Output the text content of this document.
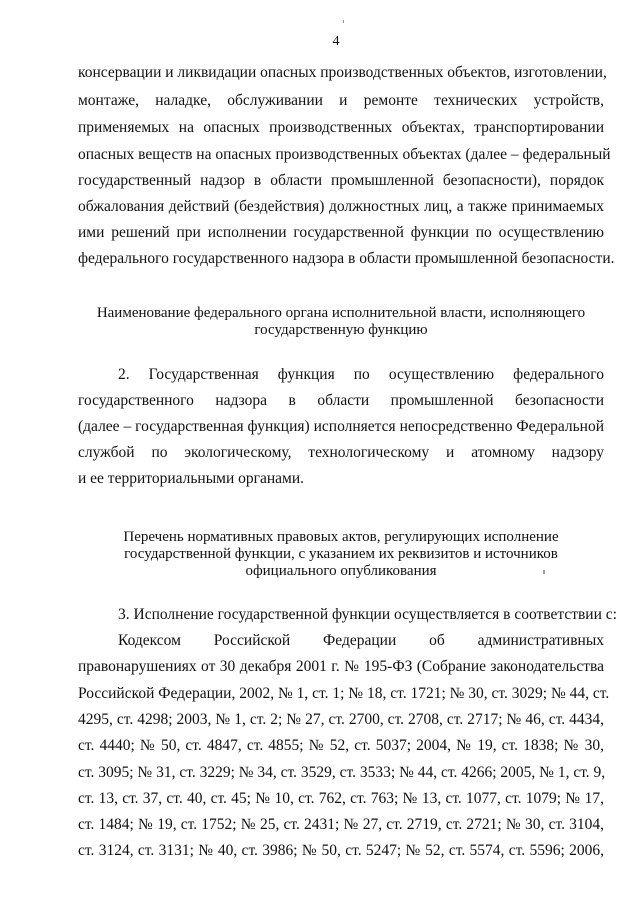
4
консервации и ликвидации опасных производственных объектов, изготовлении,
монтаже, наладке, обслуживании и ремонте технических устройств,
применяемых на опасных производственных объектах, транспортировании
опасных веществ на опасных производственных объектах (далее – федеральный
государственный надзор в области промышленной безопасности), порядок
обжалования действий (бездействия) должностных лиц, а также принимаемых
ими решений при исполнении государственной функции по осуществлению
федерального государственного надзора в области промышленной безопасности.
Наименование федерального органа исполнительной власти, исполняющего
государственную функцию
2. Государственная функция по осуществлению федерального
государственного надзора в области промышленной безопасности
(далее – государственная функция) исполняется непосредственно Федеральной
службой по экологическому, технологическому и атомному надзору
и ее территориальными органами.
Перечень нормативных правовых актов, регулирующих исполнение
государственной функции, с указанием их реквизитов и источников
официального опубликования
3. Исполнение государственной функции осуществляется в соответствии с:
Кодексом Российской Федерации об административных
правонарушениях от 30 декабря 2001 г. № 195-ФЗ (Собрание законодательства
Российской Федерации, 2002, № 1, ст. 1; № 18, ст. 1721; № 30, ст. 3029; № 44, ст.
4295, ст. 4298; 2003, № 1, ст. 2; № 27, ст. 2700, ст. 2708, ст. 2717; № 46, ст. 4434,
ст. 4440; № 50, ст. 4847, ст. 4855; № 52, ст. 5037; 2004, № 19, ст. 1838; № 30,
ст. 3095; № 31, ст. 3229; № 34, ст. 3529, ст. 3533; № 44, ст. 4266; 2005, № 1, ст. 9,
ст. 13, ст. 37, ст. 40, ст. 45; № 10, ст. 762, ст. 763; № 13, ст. 1077, ст. 1079; № 17,
ст. 1484; № 19, ст. 1752; № 25, ст. 2431; № 27, ст. 2719, ст. 2721; № 30, ст. 3104,
ст. 3124, ст. 3131; № 40, ст. 3986; № 50, ст. 5247; № 52, ст. 5574, ст. 5596; 2006,
